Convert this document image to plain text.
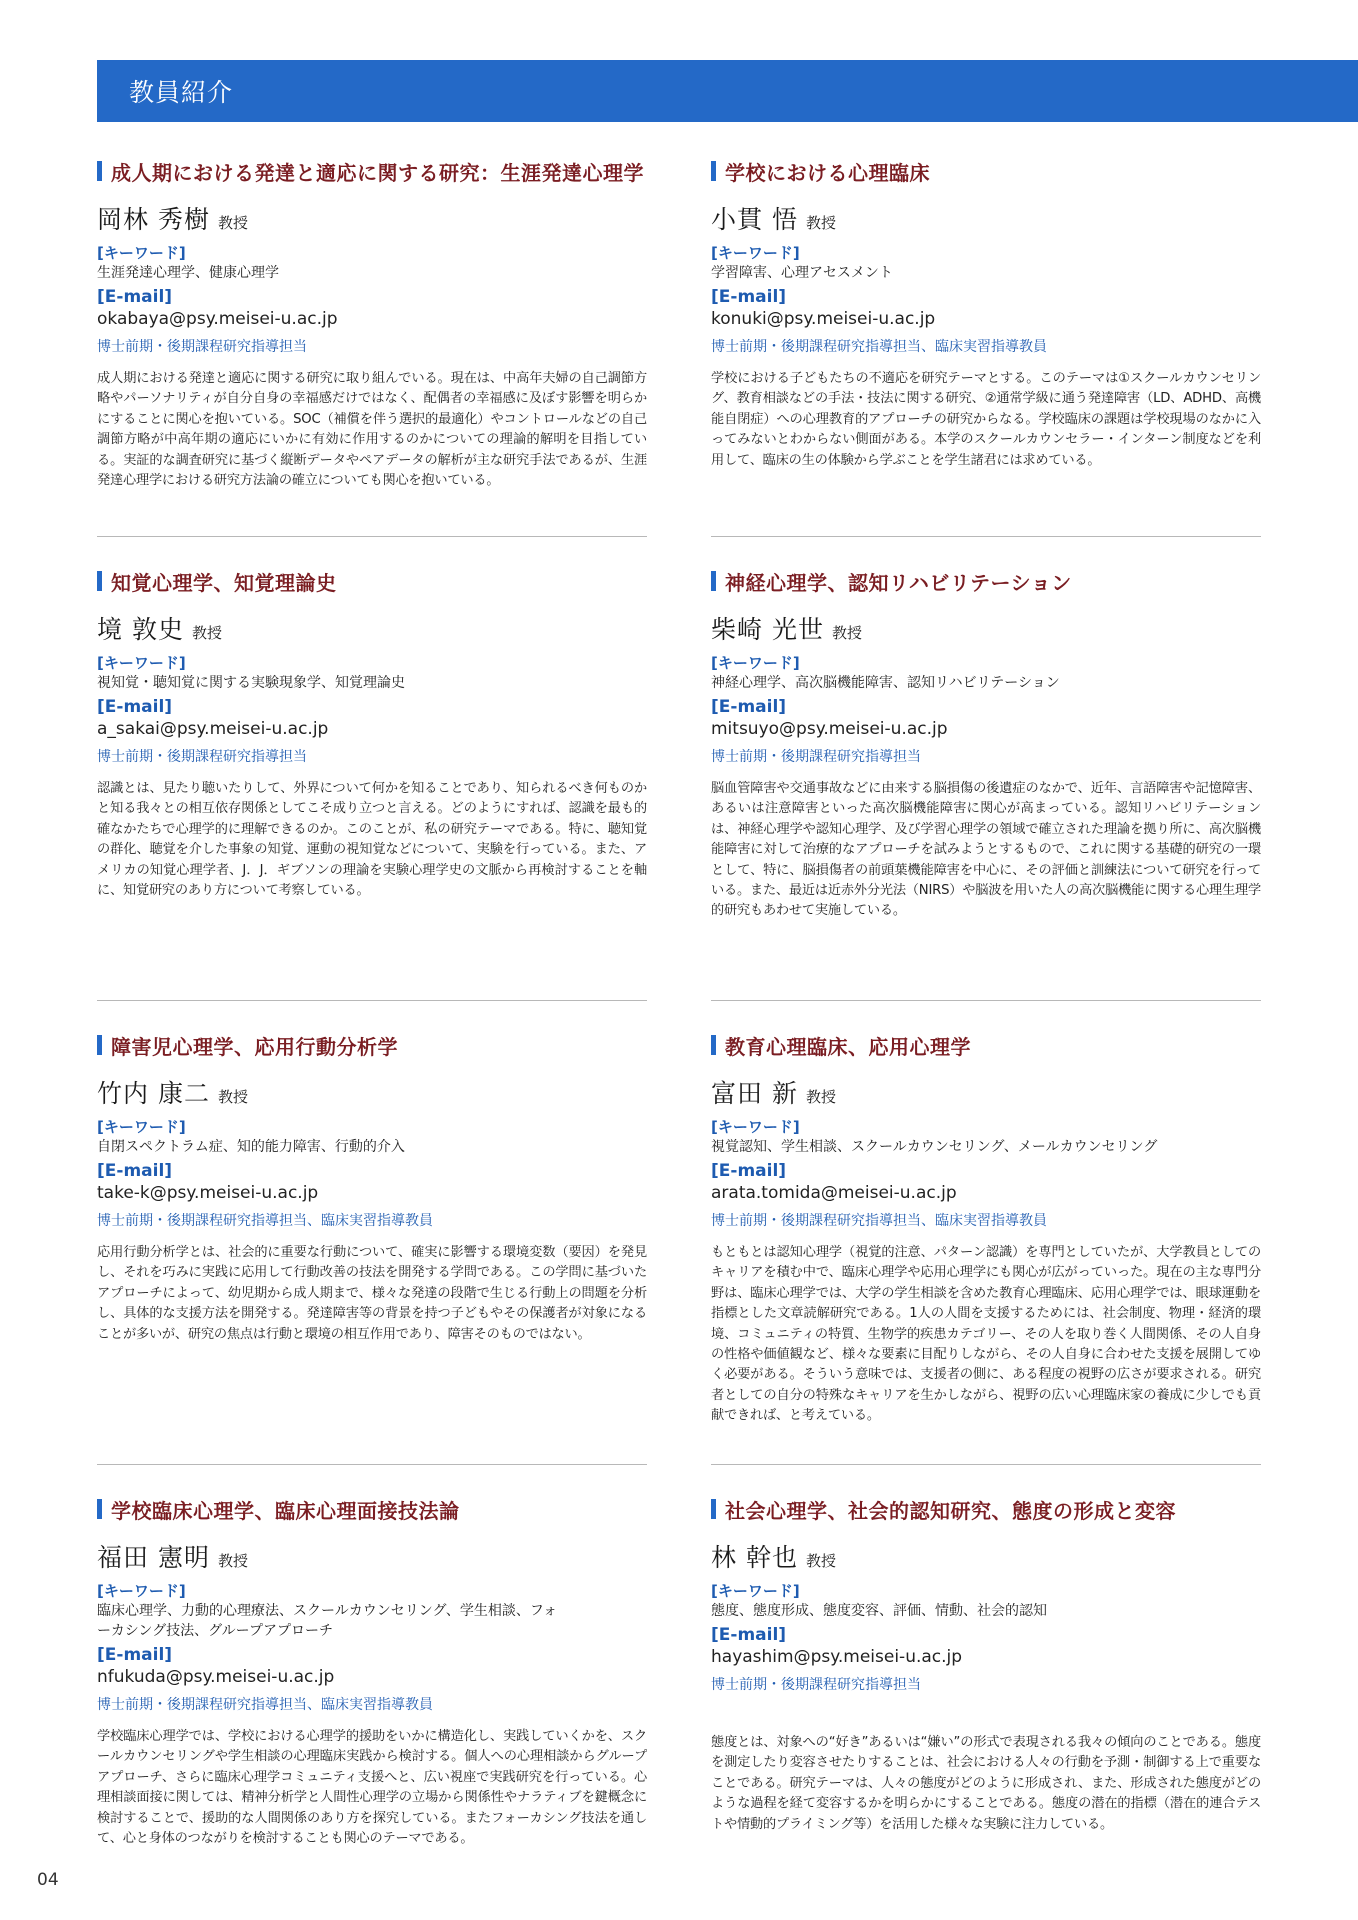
教員紹介
成人期における発達と適応に関する研究：生涯発達心理学
岡林 秀樹 教授
[キーワード]
生涯発達心理学、健康心理学
[E-mail]
okabaya@psy.meisei-u.ac.jp
博士前期・後期課程研究指導担当
成人期における発達と適応に関する研究に取り組んでいる。現在は、中高年夫婦の自己調節方略やパーソナリティが自分自身の幸福感だけではなく、配偶者の幸福感に及ぼす影響を明らかにすることに関心を抱いている。SOC（補償を伴う選択的最適化）やコントロールなどの自己調節方略が中高年期の適応にいかに有効に作用するのかについての理論的解明を目指している。実証的な調査研究に基づく縦断データやペアデータの解析が主な研究手法であるが、生涯発達心理学における研究方法論の確立についても関心を抱いている。
学校における心理臨床
小貫 悟 教授
[キーワード]
学習障害、心理アセスメント
[E-mail]
konuki@psy.meisei-u.ac.jp
博士前期・後期課程研究指導担当、臨床実習指導教員
学校における子どもたちの不適応を研究テーマとする。このテーマは①スクールカウンセリング、教育相談などの手法・技法に関する研究、②通常学級に通う発達障害（LD、ADHD、高機能自閉症）への心理教育的アプローチの研究からなる。学校臨床の課題は学校現場のなかに入ってみないとわからない側面がある。本学のスクールカウンセラー・インターン制度などを利用して、臨床の生の体験から学ぶことを学生諸君には求めている。
知覚心理学、知覚理論史
境 敦史 教授
[キーワード]
視知覚・聴知覚に関する実験現象学、知覚理論史
[E-mail]
a_sakai@psy.meisei-u.ac.jp
博士前期・後期課程研究指導担当
認識とは、見たり聴いたりして、外界について何かを知ることであり、知られるべき何ものかと知る我々との相互依存関係としてこそ成り立つと言える。どのようにすれば、認識を最も的確なかたちで心理学的に理解できるのか。このことが、私の研究テーマである。特に、聴知覚の群化、聴覚を介した事象の知覚、運動の視知覚などについて、実験を行っている。また、アメリカの知覚心理学者、J．J．ギブソンの理論を実験心理学史の文脈から再検討することを軸に、知覚研究のあり方について考察している。
神経心理学、認知リハビリテーション
柴崎 光世 教授
[キーワード]
神経心理学、高次脳機能障害、認知リハビリテーション
[E-mail]
mitsuyo@psy.meisei-u.ac.jp
博士前期・後期課程研究指導担当
脳血管障害や交通事故などに由来する脳損傷の後遺症のなかで、近年、言語障害や記憶障害、あるいは注意障害といった高次脳機能障害に関心が高まっている。認知リハビリテーションは、神経心理学や認知心理学、及び学習心理学の領域で確立された理論を拠り所に、高次脳機能障害に対して治療的なアプローチを試みようとするもので、これに関する基礎的研究の一環として、特に、脳損傷者の前頭葉機能障害を中心に、その評価と訓練法について研究を行っている。また、最近は近赤外分光法（NIRS）や脳波を用いた人の高次脳機能に関する心理生理学的研究もあわせて実施している。
障害児心理学、応用行動分析学
竹内 康二 教授
[キーワード]
自閉スペクトラム症、知的能力障害、行動的介入
[E-mail]
take-k@psy.meisei-u.ac.jp
博士前期・後期課程研究指導担当、臨床実習指導教員
応用行動分析学とは、社会的に重要な行動について、確実に影響する環境変数（要因）を発見し、それを巧みに実践に応用して行動改善の技法を開発する学問である。この学問に基づいたアプローチによって、幼児期から成人期まで、様々な発達の段階で生じる行動上の問題を分析し、具体的な支援方法を開発する。発達障害等の背景を持つ子どもやその保護者が対象になることが多いが、研究の焦点は行動と環境の相互作用であり、障害そのものではない。
教育心理臨床、応用心理学
富田 新 教授
[キーワード]
視覚認知、学生相談、スクールカウンセリング、メールカウンセリング
[E-mail]
arata.tomida@meisei-u.ac.jp
博士前期・後期課程研究指導担当、臨床実習指導教員
もともとは認知心理学（視覚的注意、パターン認識）を専門としていたが、大学教員としてのキャリアを積む中で、臨床心理学や応用心理学にも関心が広がっていった。現在の主な専門分野は、臨床心理学では、大学の学生相談を含めた教育心理臨床、応用心理学では、眼球運動を指標とした文章読解研究である。1人の人間を支援するためには、社会制度、物理・経済的環境、コミュニティの特質、生物学的疾患カテゴリー、その人を取り巻く人間関係、その人自身の性格や価値観など、様々な要素に目配りしながら、その人自身に合わせた支援を展開してゆく必要がある。そういう意味では、支援者の側に、ある程度の視野の広さが要求される。研究者としての自分の特殊なキャリアを生かしながら、視野の広い心理臨床家の養成に少しでも貢献できれば、と考えている。
学校臨床心理学、臨床心理面接技法論
福田 憲明 教授
[キーワード]
臨床心理学、力動的心理療法、スクールカウンセリング、学生相談、フォーカシング技法、グループアプローチ
[E-mail]
nfukuda@psy.meisei-u.ac.jp
博士前期・後期課程研究指導担当、臨床実習指導教員
学校臨床心理学では、学校における心理学的援助をいかに構造化し、実践していくかを、スクールカウンセリングや学生相談の心理臨床実践から検討する。個人への心理相談からグループアプローチ、さらに臨床心理学コミュニティ支援へと、広い視座で実践研究を行っている。心理相談面接に関しては、精神分析学と人間性心理学の立場から関係性やナラティブを鍵概念に検討することで、援助的な人間関係のあり方を探究している。またフォーカシング技法を通して、心と身体のつながりを検討することも関心のテーマである。
社会心理学、社会的認知研究、態度の形成と変容
林 幹也 教授
[キーワード]
態度、態度形成、態度変容、評価、情動、社会的認知
[E-mail]
hayashim@psy.meisei-u.ac.jp
博士前期・後期課程研究指導担当
態度とは、対象への“好き”あるいは“嫌い”の形式で表現される我々の傾向のことである。態度を測定したり変容させたりすることは、社会における人々の行動を予測・制御する上で重要なことである。研究テーマは、人々の態度がどのように形成され、また、形成された態度がどのような過程を経て変容するかを明らかにすることである。態度の潜在的指標（潜在的連合テストや情動的プライミング等）を活用した様々な実験に注力している。
04
